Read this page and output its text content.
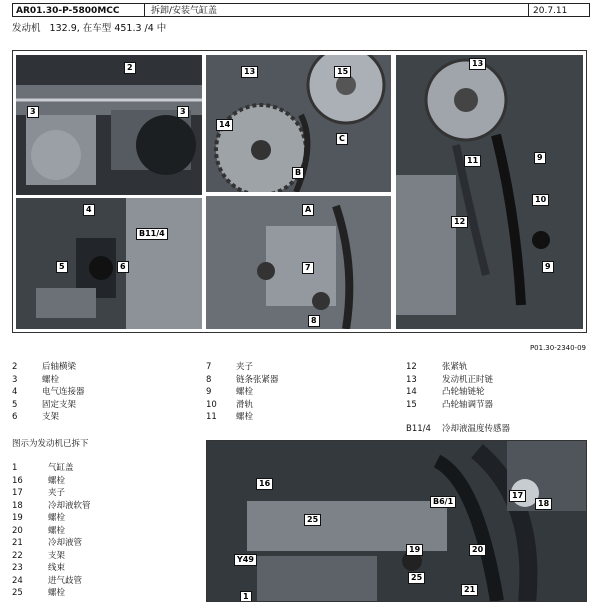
AR01.30-P-5800MCC	拆卸/安装气缸盖	20.7.11
发动机   132.9, 在车型 451.3 /4 中
2
3	3
4
B11/4
5	6
13	15
14
B
C
A
7
8
13
11	9
12
10
9
P01.30-2340-09
2	后轴横梁
3	螺栓
4	电气连接器
5	固定支架
6	支架
7	夹子
8	链条张紧器
9	螺栓
10	滑轨
11	螺栓
12	张紧轨
13	发动机正时链
14	凸轮轴链轮
15	凸轮轴调节器
B11/4	冷却液温度传感器
图示为发动机已拆下
1	气缸盖
16	螺栓
17	夹子
18	冷却液软管
19	螺栓
20	螺栓
21	冷却液管
22	支架
23	线束
24	进气歧管
25	螺栓
16
25
B6/1
17
18
Y49
19	20
25
21
1
